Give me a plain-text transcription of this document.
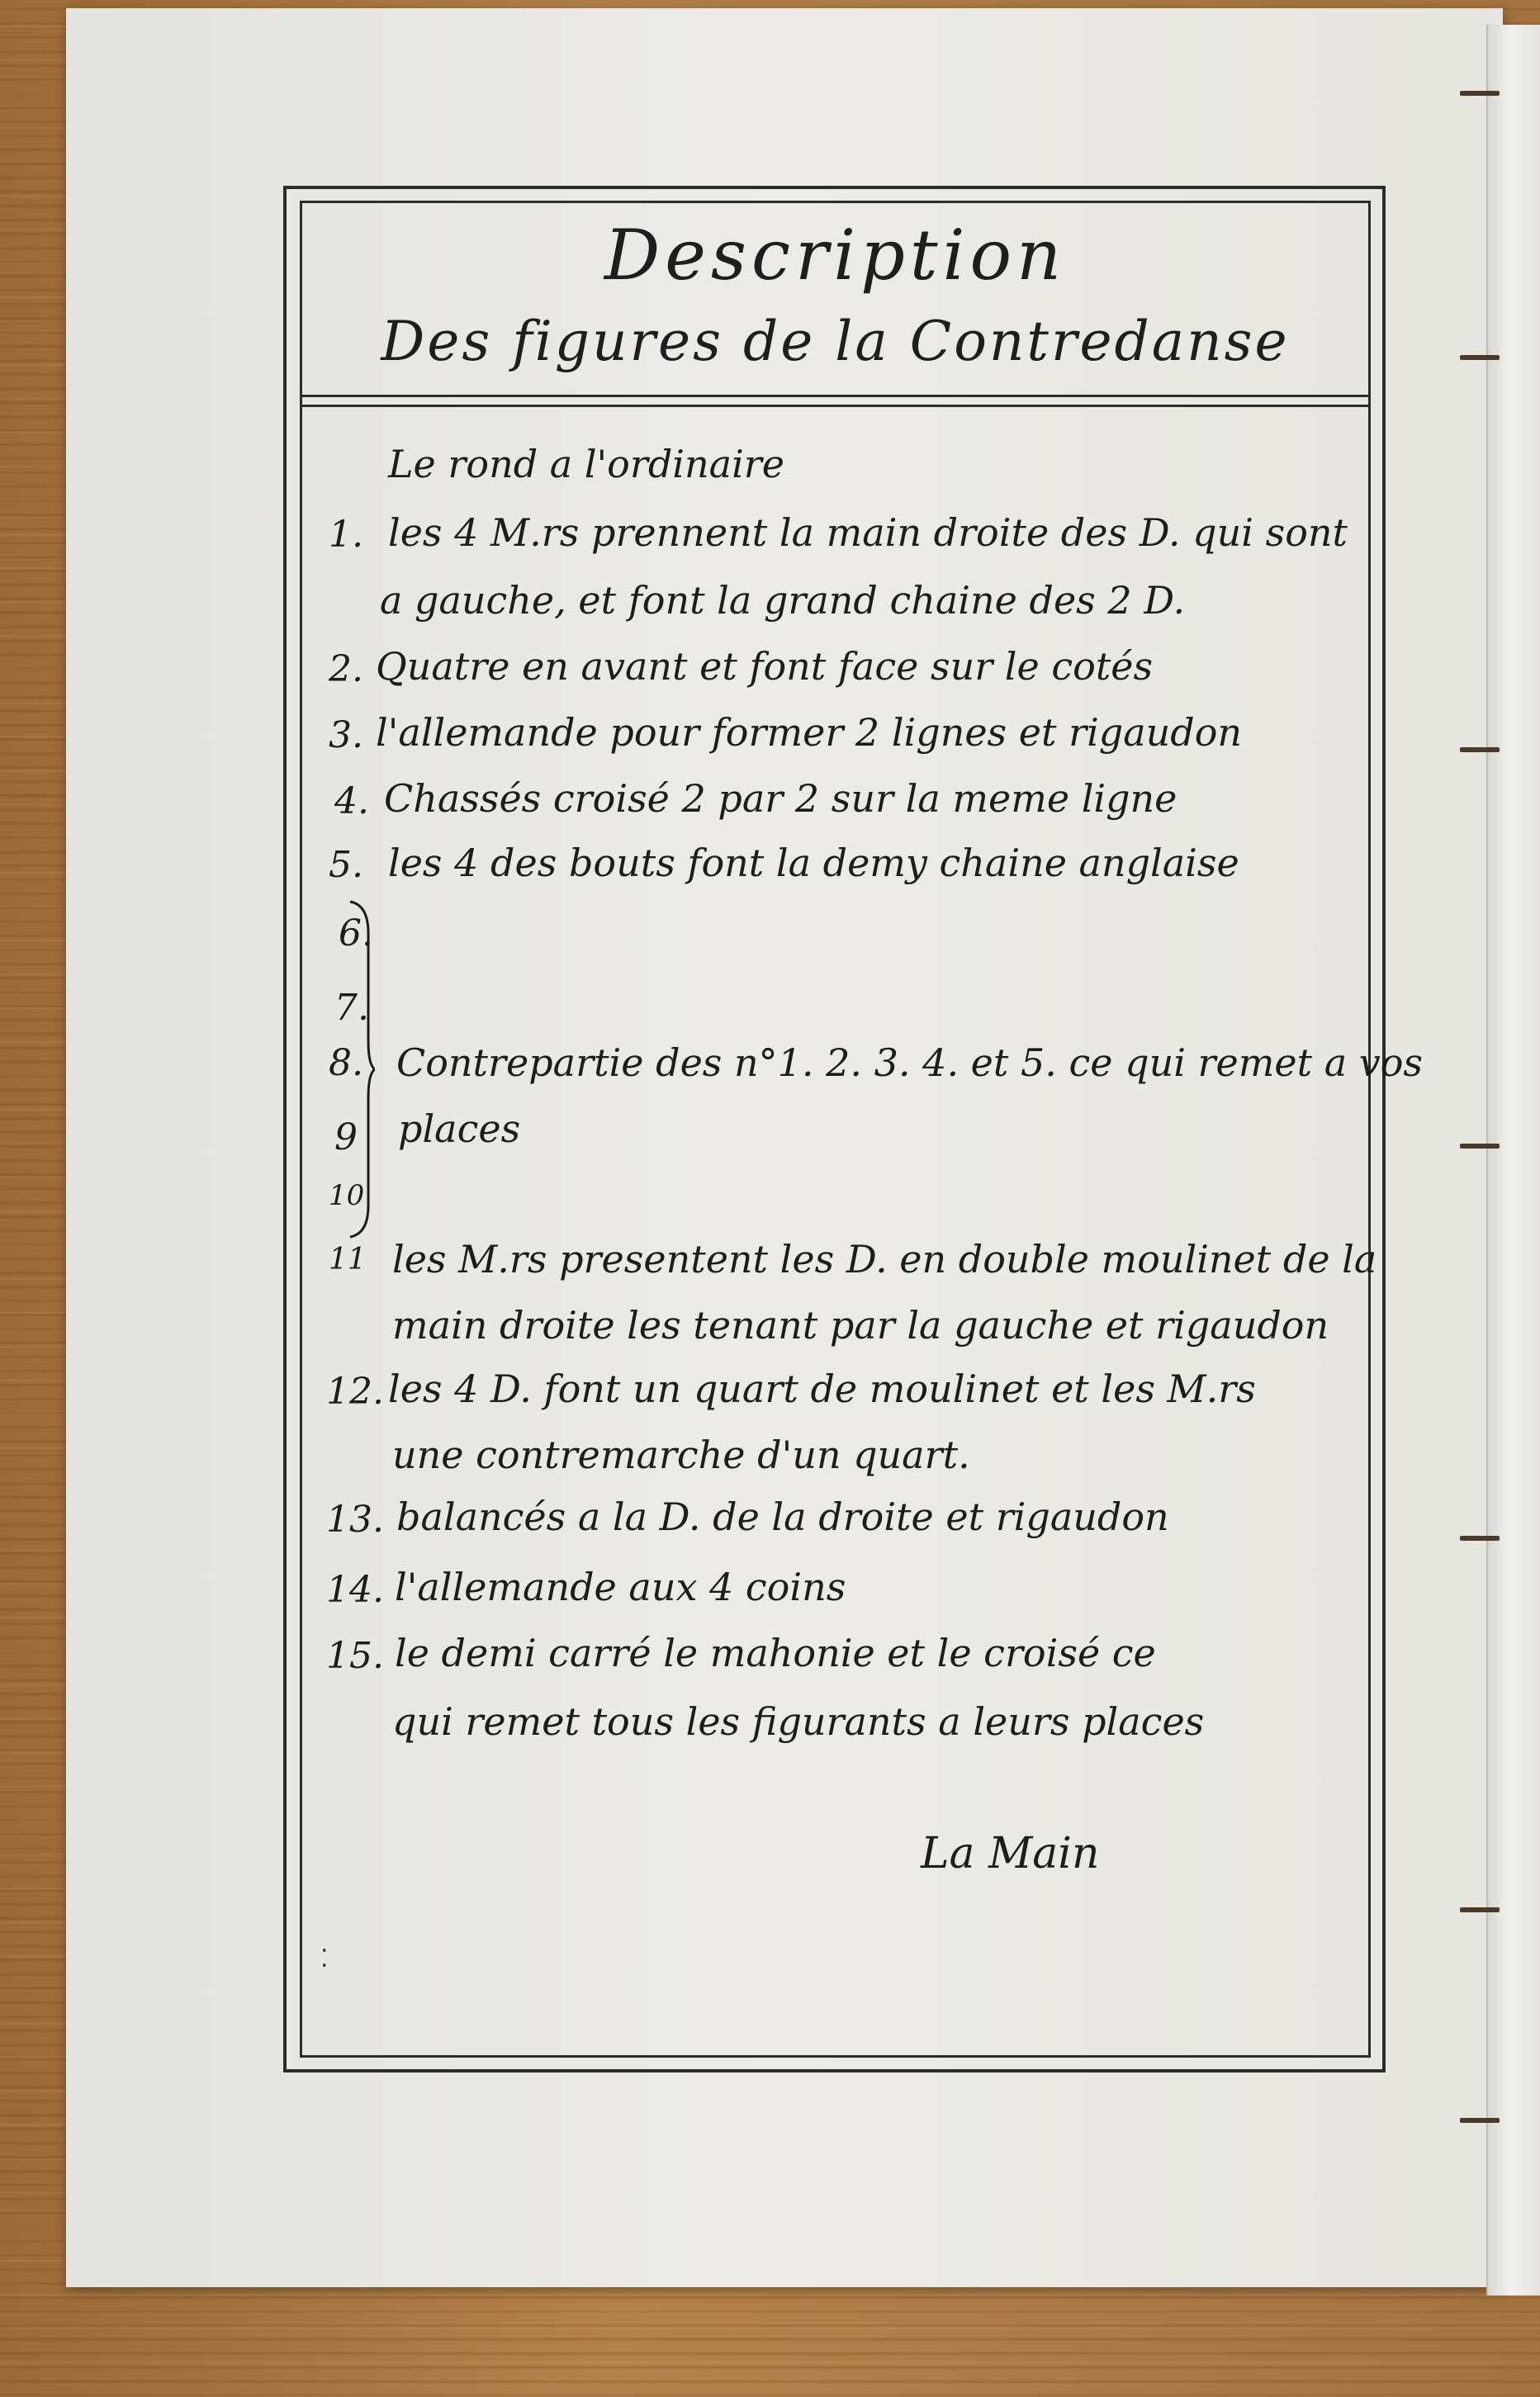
Description
Des figures de la Contredanse
Le rond a l'ordinaire
1. les 4 M.rs prennent la main droite des D. qui sont
a gauche, et font la grand chaine des 2 D.
2. Quatre en avant et font face sur le cotés
3. l'allemande pour former 2 lignes et rigaudon
4. Chassés croisé 2 par 2 sur la meme ligne
5. les 4 des bouts font la demy chaine anglaise
6.
7.
8.
9
10
Contrepartie des n°1. 2. 3. 4. et 5. ce qui remet a vos
places
11 les M.rs presentent les D. en double moulinet de la
main droite les tenant par la gauche et rigaudon
12. les 4 D. font un quart de moulinet et les M.rs
une contremarche d'un quart.
13. balancés a la D. de la droite et rigaudon
14. l'allemande aux 4 coins
15. le demi carré le mahonie et le croisé ce
qui remet tous les figurants a leurs places
La Main
⁚
